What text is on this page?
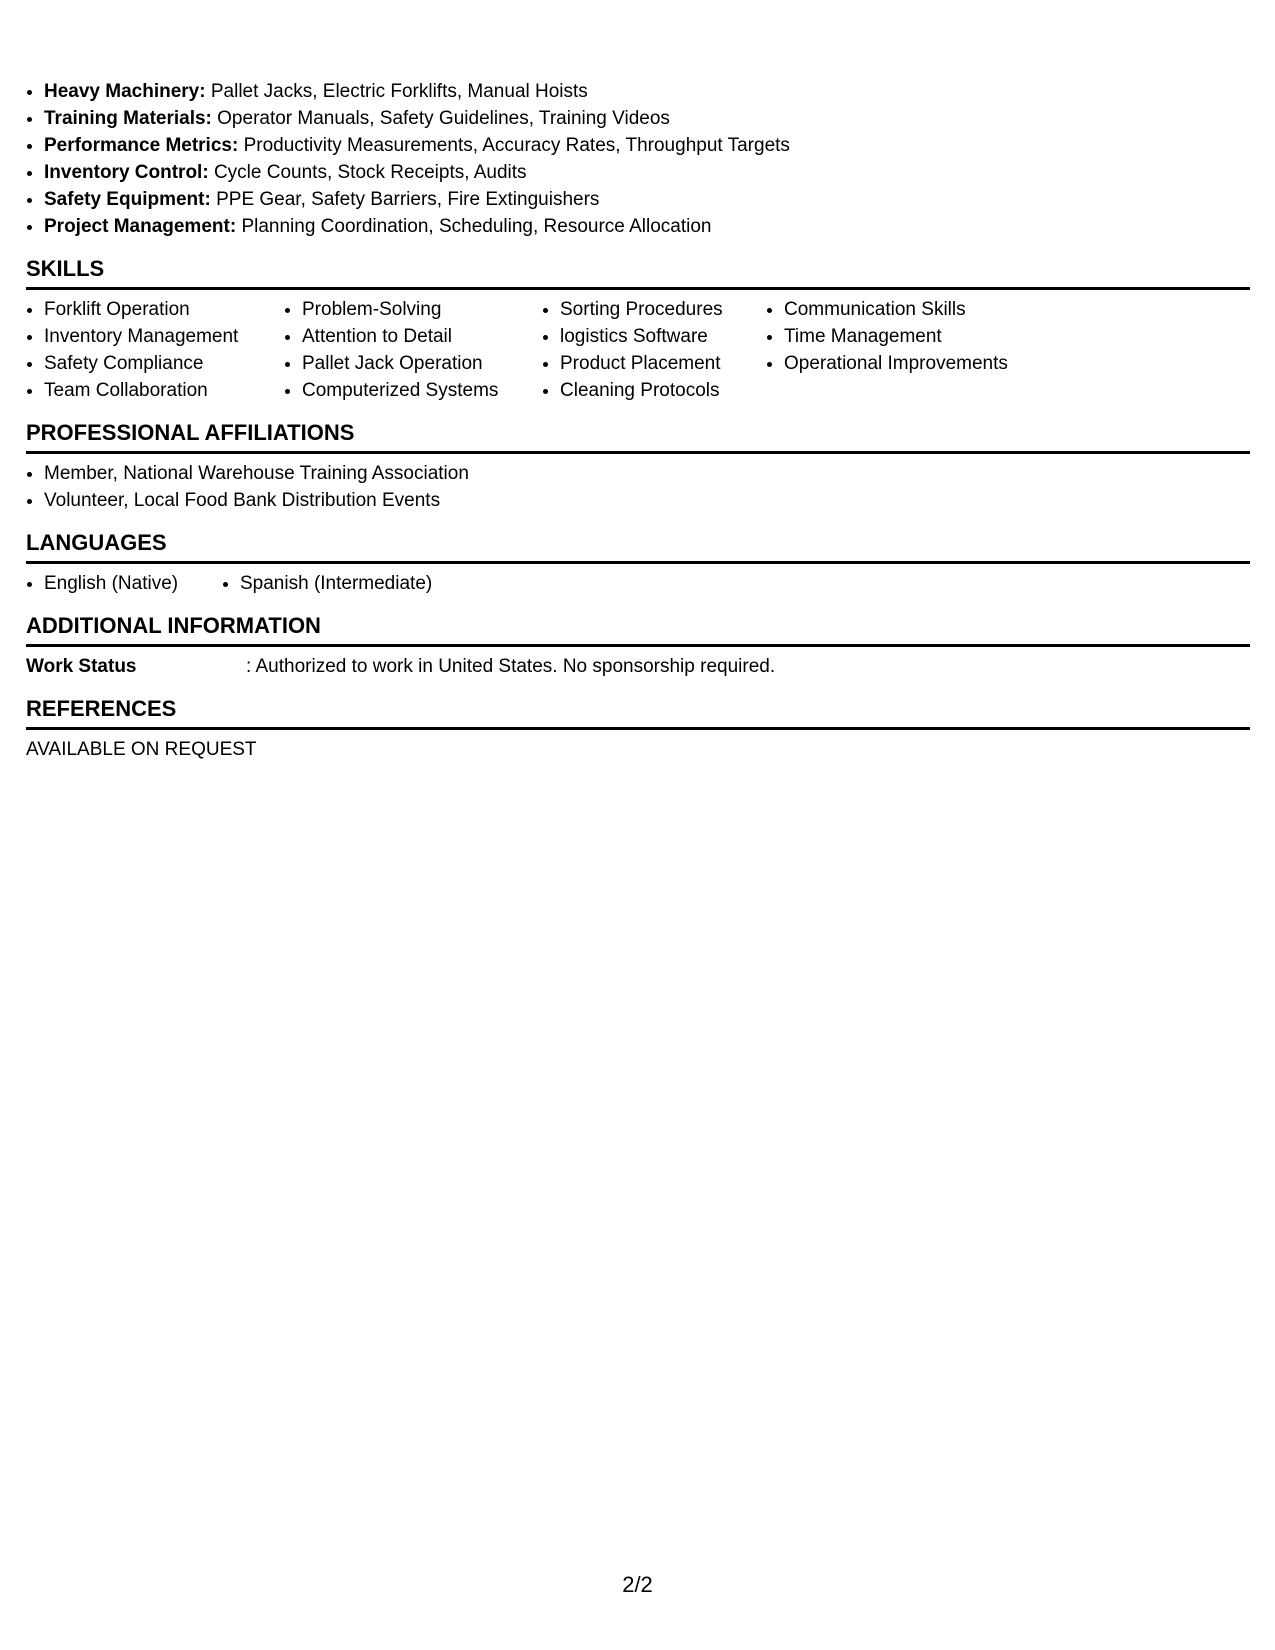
• Heavy Machinery: Pallet Jacks, Electric Forklifts, Manual Hoists
• Training Materials: Operator Manuals, Safety Guidelines, Training Videos
• Performance Metrics: Productivity Measurements, Accuracy Rates, Throughput Targets
• Inventory Control: Cycle Counts, Stock Receipts, Audits
• Safety Equipment: PPE Gear, Safety Barriers, Fire Extinguishers
• Project Management: Planning Coordination, Scheduling, Resource Allocation
SKILLS
• Forklift Operation
• Inventory Management
• Safety Compliance
• Team Collaboration
• Problem-Solving
• Attention to Detail
• Pallet Jack Operation
• Computerized Systems
• Sorting Procedures
• logistics Software
• Product Placement
• Cleaning Protocols
• Communication Skills
• Time Management
• Operational Improvements
PROFESSIONAL AFFILIATIONS
• Member, National Warehouse Training Association
• Volunteer, Local Food Bank Distribution Events
LANGUAGES
• English (Native)
•	Spanish (Intermediate)
ADDITIONAL INFORMATION
Work Status	: Authorized to work in United States. No sponsorship required.
REFERENCES
AVAILABLE ON REQUEST
2/2
